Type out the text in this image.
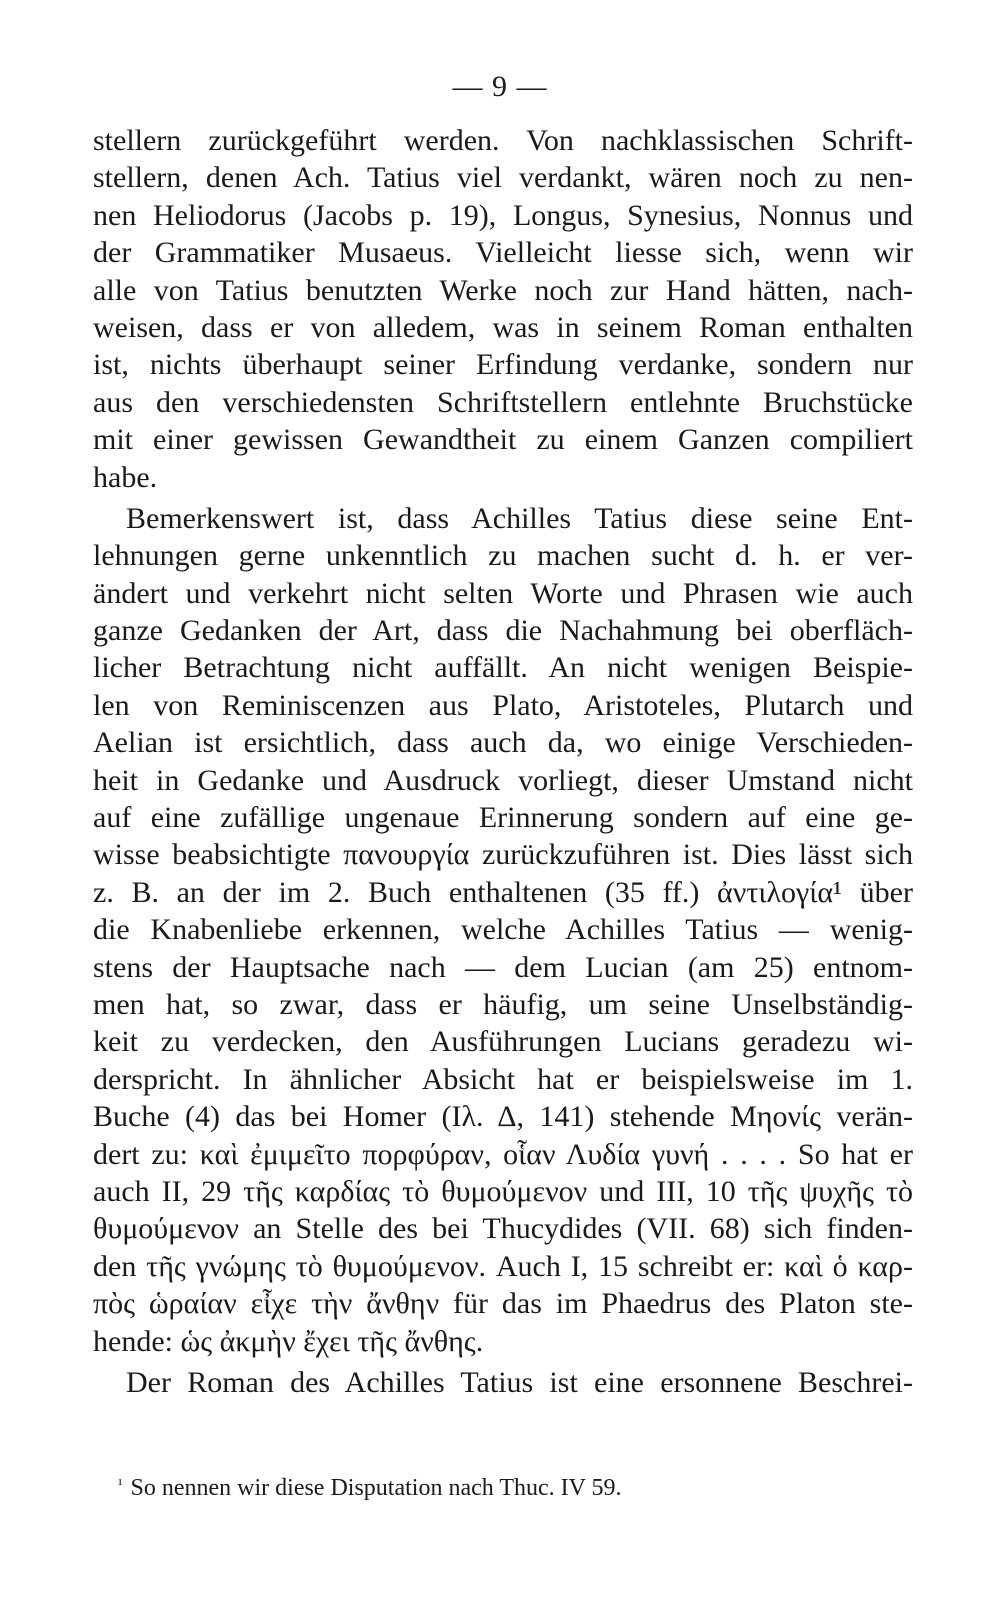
— 9 —
stellern zurückgeführt werden. Von nachklassischen Schrift-
stellern, denen Ach. Tatius viel verdankt, wären noch zu nen-
nen Heliodorus (Jacobs p. 19), Longus, Synesius, Nonnus und
der Grammatiker Musaeus. Vielleicht liesse sich, wenn wir
alle von Tatius benutzten Werke noch zur Hand hätten, nach-
weisen, dass er von alledem, was in seinem Roman enthalten
ist, nichts überhaupt seiner Erfindung verdanke, sondern nur
aus den verschiedensten Schriftstellern entlehnte Bruchstücke
mit einer gewissen Gewandtheit zu einem Ganzen compiliert
habe.
Bemerkenswert ist, dass Achilles Tatius diese seine Ent-
lehnungen gerne unkenntlich zu machen sucht d. h. er ver-
ändert und verkehrt nicht selten Worte und Phrasen wie auch
ganze Gedanken der Art, dass die Nachahmung bei oberfläch-
licher Betrachtung nicht auffällt. An nicht wenigen Beispie-
len von Reminiscenzen aus Plato, Aristoteles, Plutarch und
Aelian ist ersichtlich, dass auch da, wo einige Verschieden-
heit in Gedanke und Ausdruck vorliegt, dieser Umstand nicht
auf eine zufällige ungenaue Erinnerung sondern auf eine ge-
wisse beabsichtigte πανουργία zurückzuführen ist. Dies lässt sich
z. B. an der im 2. Buch enthaltenen (35 ff.) ἀντιλογία¹ über
die Knabenliebe erkennen, welche Achilles Tatius — wenig-
stens der Hauptsache nach — dem Lucian (am 25) entnom-
men hat, so zwar, dass er häufig, um seine Unselbständig-
keit zu verdecken, den Ausführungen Lucians geradezu wi-
derspricht. In ähnlicher Absicht hat er beispielsweise im 1.
Buche (4) das bei Homer (Ιλ. Δ, 141) stehende Μηονίς verän-
dert zu: καὶ ἐμιμεῖτο πορφύραν, οἷαν Λυδία γυνή . . . . So hat er
auch II, 29 τῆς καρδίας τὸ θυμούμενον und III, 10 τῆς ψυχῆς τὸ
θυμούμενον an Stelle des bei Thucydides (VII. 68) sich finden-
den τῆς γνώμης τὸ θυμούμενον. Auch I, 15 schreibt er: καὶ ὁ καρ-
πὸς ὡραίαν εἶχε τὴν ἄνθην für das im Phaedrus des Platon ste-
hende: ὡς ἀκμὴν ἔχει τῆς ἄνθης.
Der Roman des Achilles Tatius ist eine ersonnene Beschrei-
$^{^1}$ So nennen wir diese Disputation nach Thuc. IV 59.
